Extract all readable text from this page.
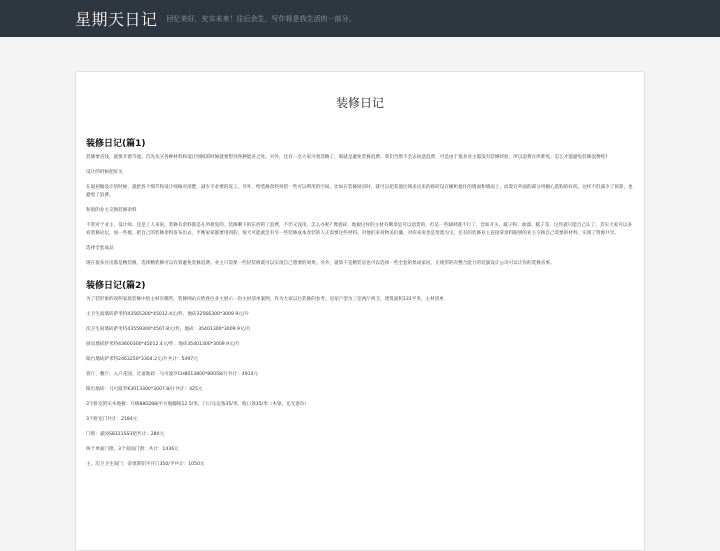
星期天日记 回忆美好，充实未来！往后余生，写作将是我生活的一部分。
装修日记
装修日记(篇1)

装修要省钱，就要开源节流。首先从买各种材料和设计图纸的时候就要想到各种能省之处。另外，还有一点大家可别忽略了，那就是避免装修浪费。我们当然不会去故意浪费，可是由于很多业主都没有装修经验，所以浪费在所难免。怎么才能避免装修浪费呢?

设计的时候把好关

在最初做设计的时候，就把各个细节和设计师核对清楚，减少不必要的返工。另外，给装修余料预留一些可以利用的空间，比如在装修厨房时，就可以把其他区域多出来的碎砖设在橱柜遮住的墙面和墙面上，而废在外面的部分用橱心选购的好砖。这样不但减少了预算，也避免了浪费。

和别的业主交换装修余料

不管对于业主、设计师、还是工人来说，装修有余料都是在所难免的，装修剩下的东西的了浪费，不仍又没用，怎么办呢? 像瓷砖、地板这样的主材有剩余是可以退货的，但是一些辅材就不行了，比如开关、腻子粉、油漆、腻子等，这些就只能自己认了。其实大家可以多看装修论坛，加一些群，把自己的装修余料发布出去，平衡家家都要用到的，很大可能就会有另一些装修成本改装的人正需要这些材料。对他们来说物美价廉，对你来说也是变废为宝。还有的装修业主直接拿余料跟别的业主交换自己需要的材料，实现了资源共享。

选择全套成品

现在很多住房都是精装修，选择精装修可以有效避免装修浪费。业主只需要一些轻装修就可以实现自己想要的效果。另外，就算不是精装房也可以选择一些全套的集成家居，正规形的有整合能力的装潢设计公司可以让你的装修省事。

装修日记(篇2)

为了装形象的说明家庭装修中的主材有哪些，装修网站在给各位业主展示一份主材清单案例，作为大家以后装修的参考。房屋户型为三室两厅两卫，建筑面积131平米，主材清单

主卫生间墙砖萨米特43565300*45012.4元/件，地砖32566300*3009.9元/片

次卫生间墙砖萨米特43559300*4507.8元/件，地砖：35401300*3009.9元/片

厨房墙砖萨米特43600300*45012.4元/件，地砖35401300*3009.9元/片

阳台墙砖萨米特2463250*3304.2元/片共计：5497元

客厅、餐厅、入户花园、过道地砖：马可波罗CH8013800*80058/片共计：4914元

阳台地砖：马可波罗K3013300*3007.8/片共计：425元

3个卧室的实木地板：升级880288/平方地脚线12.5/米，门口压边条35/米，收口条35/米（木梁、还无意价）

3个卧室门共计：2184元

门锁：嘉园S8311SS3把共计：280元

两个单面门窗、3个双面门窗：共计：1436元

主、次卫卫生间门：帝奥斯铝平开门350/平共计：1050元
